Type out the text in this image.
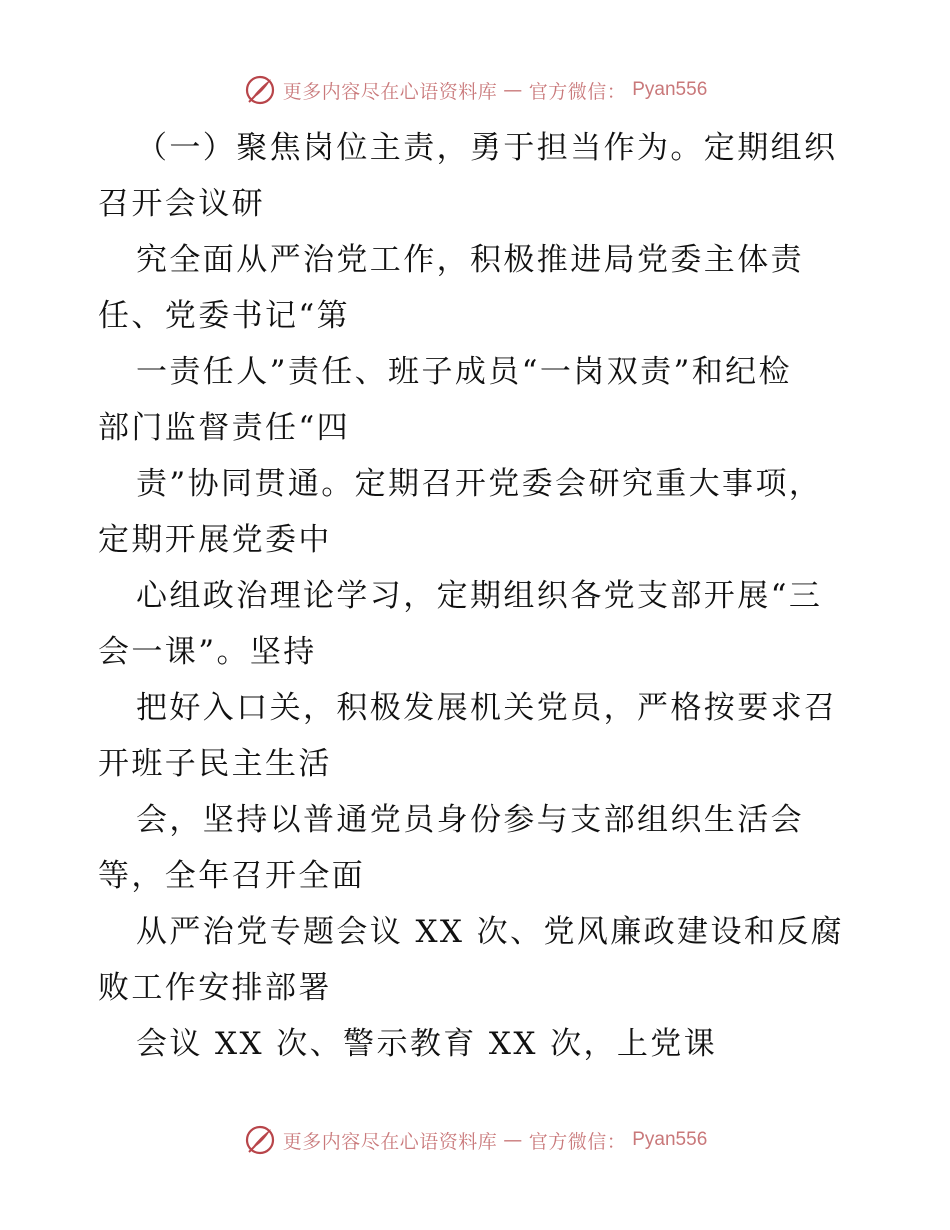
更多内容尽在心语资料库 — 官方微信： Pyan556
（一）聚焦岗位主责，勇于担当作为。定期组织
召开会议研
究全面从严治党工作，积极推进局党委主体责
任、党委书记“第
一责任人”责任、班子成员“一岗双责”和纪检
部门监督责任“四
责”协同贯通。定期召开党委会研究重大事项，
定期开展党委中
心组政治理论学习，定期组织各党支部开展“三
会一课”。坚持
把好入口关，积极发展机关党员，严格按要求召
开班子民主生活
会，坚持以普通党员身份参与支部组织生活会
等，全年召开全面
从严治党专题会议 XX 次、党风廉政建设和反腐
败工作安排部署
会议 XX 次、警示教育 XX 次，上党课
更多内容尽在心语资料库 — 官方微信： Pyan556
